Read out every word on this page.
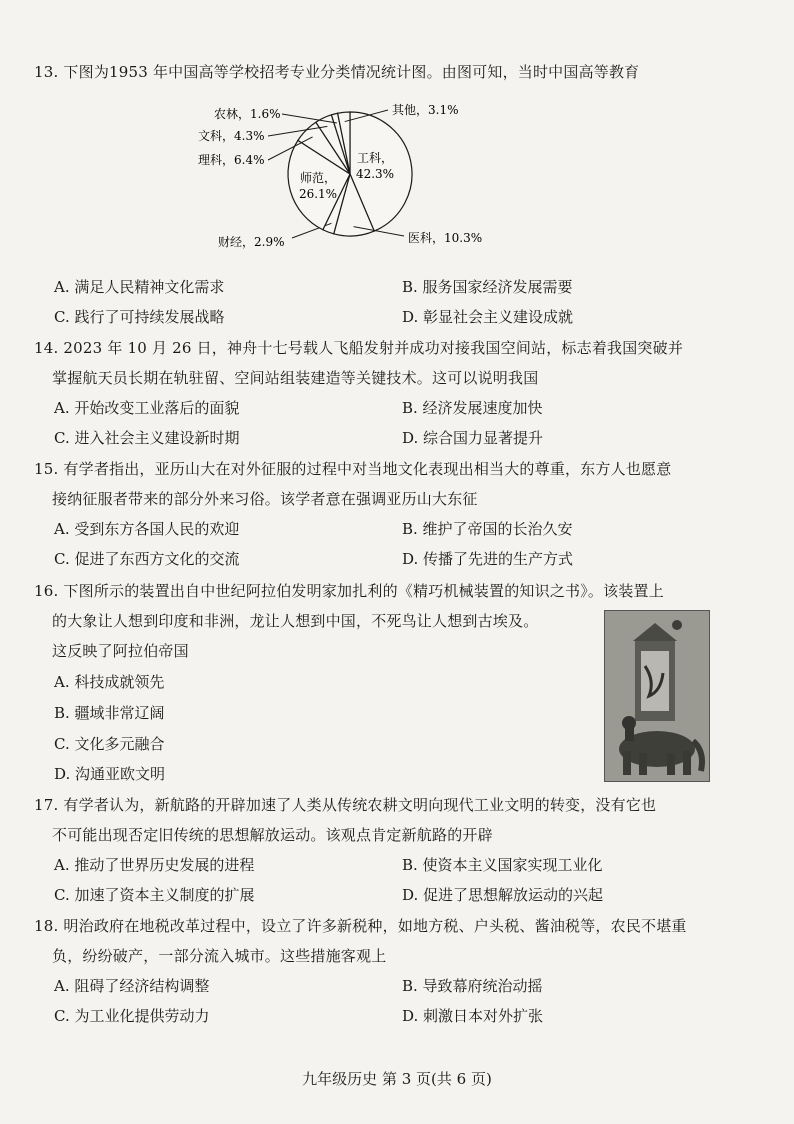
13. 下图为1953 年中国高等学校招考专业分类情况统计图。由图可知，当时中国高等教育
工科，
42.3%
医科，10.3%
财经，2.9%
师范，
26.1%
理科，6.4%
文科，4.3%
农林，1.6%	其他，3.1%
A. 满足人民精神文化需求	B. 服务国家经济发展需要
C. 践行了可持续发展战略	D. 彰显社会主义建设成就
14. 2023 年 10 月 26 日，神舟十七号载人飞船发射并成功对接我国空间站，标志着我国突破并
掌握航天员长期在轨驻留、空间站组装建造等关键技术。这可以说明我国
A. 开始改变工业落后的面貌	B. 经济发展速度加快
C. 进入社会主义建设新时期	D. 综合国力显著提升
15. 有学者指出，亚历山大在对外征服的过程中对当地文化表现出相当大的尊重，东方人也愿意
接纳征服者带来的部分外来习俗。该学者意在强调亚历山大东征
A. 受到东方各国人民的欢迎	B. 维护了帝国的长治久安
C. 促进了东西方文化的交流	D. 传播了先进的生产方式
16. 下图所示的装置出自中世纪阿拉伯发明家加扎利的《精巧机械装置的知识之书》。该装置上
的大象让人想到印度和非洲，龙让人想到中国，不死鸟让人想到古埃及。
这反映了阿拉伯帝国
A. 科技成就领先
B. 疆域非常辽阔
C. 文化多元融合
D. 沟通亚欧文明
17. 有学者认为，新航路的开辟加速了人类从传统农耕文明向现代工业文明的转变，没有它也
不可能出现否定旧传统的思想解放运动。该观点肯定新航路的开辟
A. 推动了世界历史发展的进程	B. 使资本主义国家实现工业化
C. 加速了资本主义制度的扩展	D. 促进了思想解放运动的兴起
18. 明治政府在地税改革过程中，设立了许多新税种，如地方税、户头税、酱油税等，农民不堪重
负，纷纷破产，一部分流入城市。这些措施客观上
A. 阻碍了经济结构调整	B. 导致幕府统治动摇
C. 为工业化提供劳动力	D. 刺激日本对外扩张
九年级历史 第 3 页(共 6 页)
